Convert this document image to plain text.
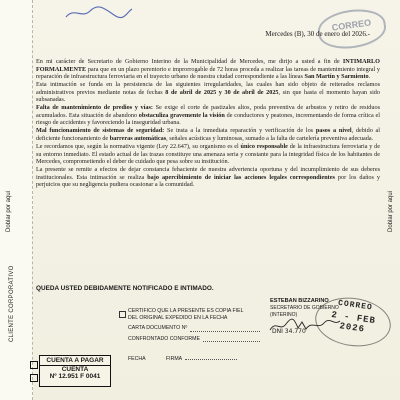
Doblar por aquí	Doblar por aquí
CLIENTE CORPORATIVO
CORREO
Mercedes (B), 30 de enero del 2026.-

En mi carácter de Secretario de Gobierno Interino de la Municipalidad de Mercedes, me dirijo a usted a fin de INTIMARLO FORMALMENTE para que en un plazo perentorio e improrrogable de 72 horas proceda a realizar las tareas de mantenimiento integral y reparación de infraestructura ferroviaria en el trayecto urbano de nuestra ciudad correspondiente a las líneas San Martín y Sarmiento.

Esta intimación se funda en la persistencia de las siguientes irregularidades, las cuales han sido objeto de reiterados reclamos administrativos previos mediante notas de fechas 8 de abril de 2025 y 30 de abril de 2025, sin que hasta el momento hayan sido subsanadas.

Falta de mantenimiento de predios y vías: Se exige el corte de pastizales altos, poda preventiva de arbustos y retiro de residuos acumulados. Esta situación de abandono obstaculiza gravemente la visión de conductores y peatones, incrementando de forma crítica el riesgo de accidentes y favoreciendo la inseguridad urbana.

Mal funcionamiento de sistemas de seguridad: Se insta a la inmediata reparación y verificación de los pasos a nivel, debido al deficiente funcionamiento de barreras automáticas, señales acústicas y luminosas, sumado a la falta de cartelería preventiva adecuada.

Le recordamos que, según la normativa vigente (Ley 22.647), su organismo es el único responsable de la infraestructura ferroviaria y de su entorno inmediato. El estado actual de las trazas constituye una amenaza seria y constante para la integridad física de los habitantes de Mercedes, comprometiendo el deber de cuidado que pesa sobre su institución.

La presente se remite a efectos de dejar constancia fehaciente de nuestra advertencia oportuna y del incumplimiento de sus deberes institucionales. Esta intimación se realiza bajo apercibimiento de iniciar las acciones legales correspondientes por los daños y perjuicios que su negligencia pudiera ocasionar a la comunidad.

QUEDA USTED DEBIDAMENTE NOTIFICADO E INTIMADO.
ESTEBAN BIZZARINO
SECRETARIO DE GOBIERNO
(INTERINO)
DNI 34.770
CORREO
2 - FEB 2026
CERTIFICO QUE LA PRESENTE ES COPIA FIEL
DEL ORIGINAL EXPEDIDO EN LA FECHA
CARTA DOCUMENTO Nº
CONFRONTADO CONFORME
FECHA	FIRMA
CUENTA A PAGAR
CUENTA
Nº 12.951 F 0041
